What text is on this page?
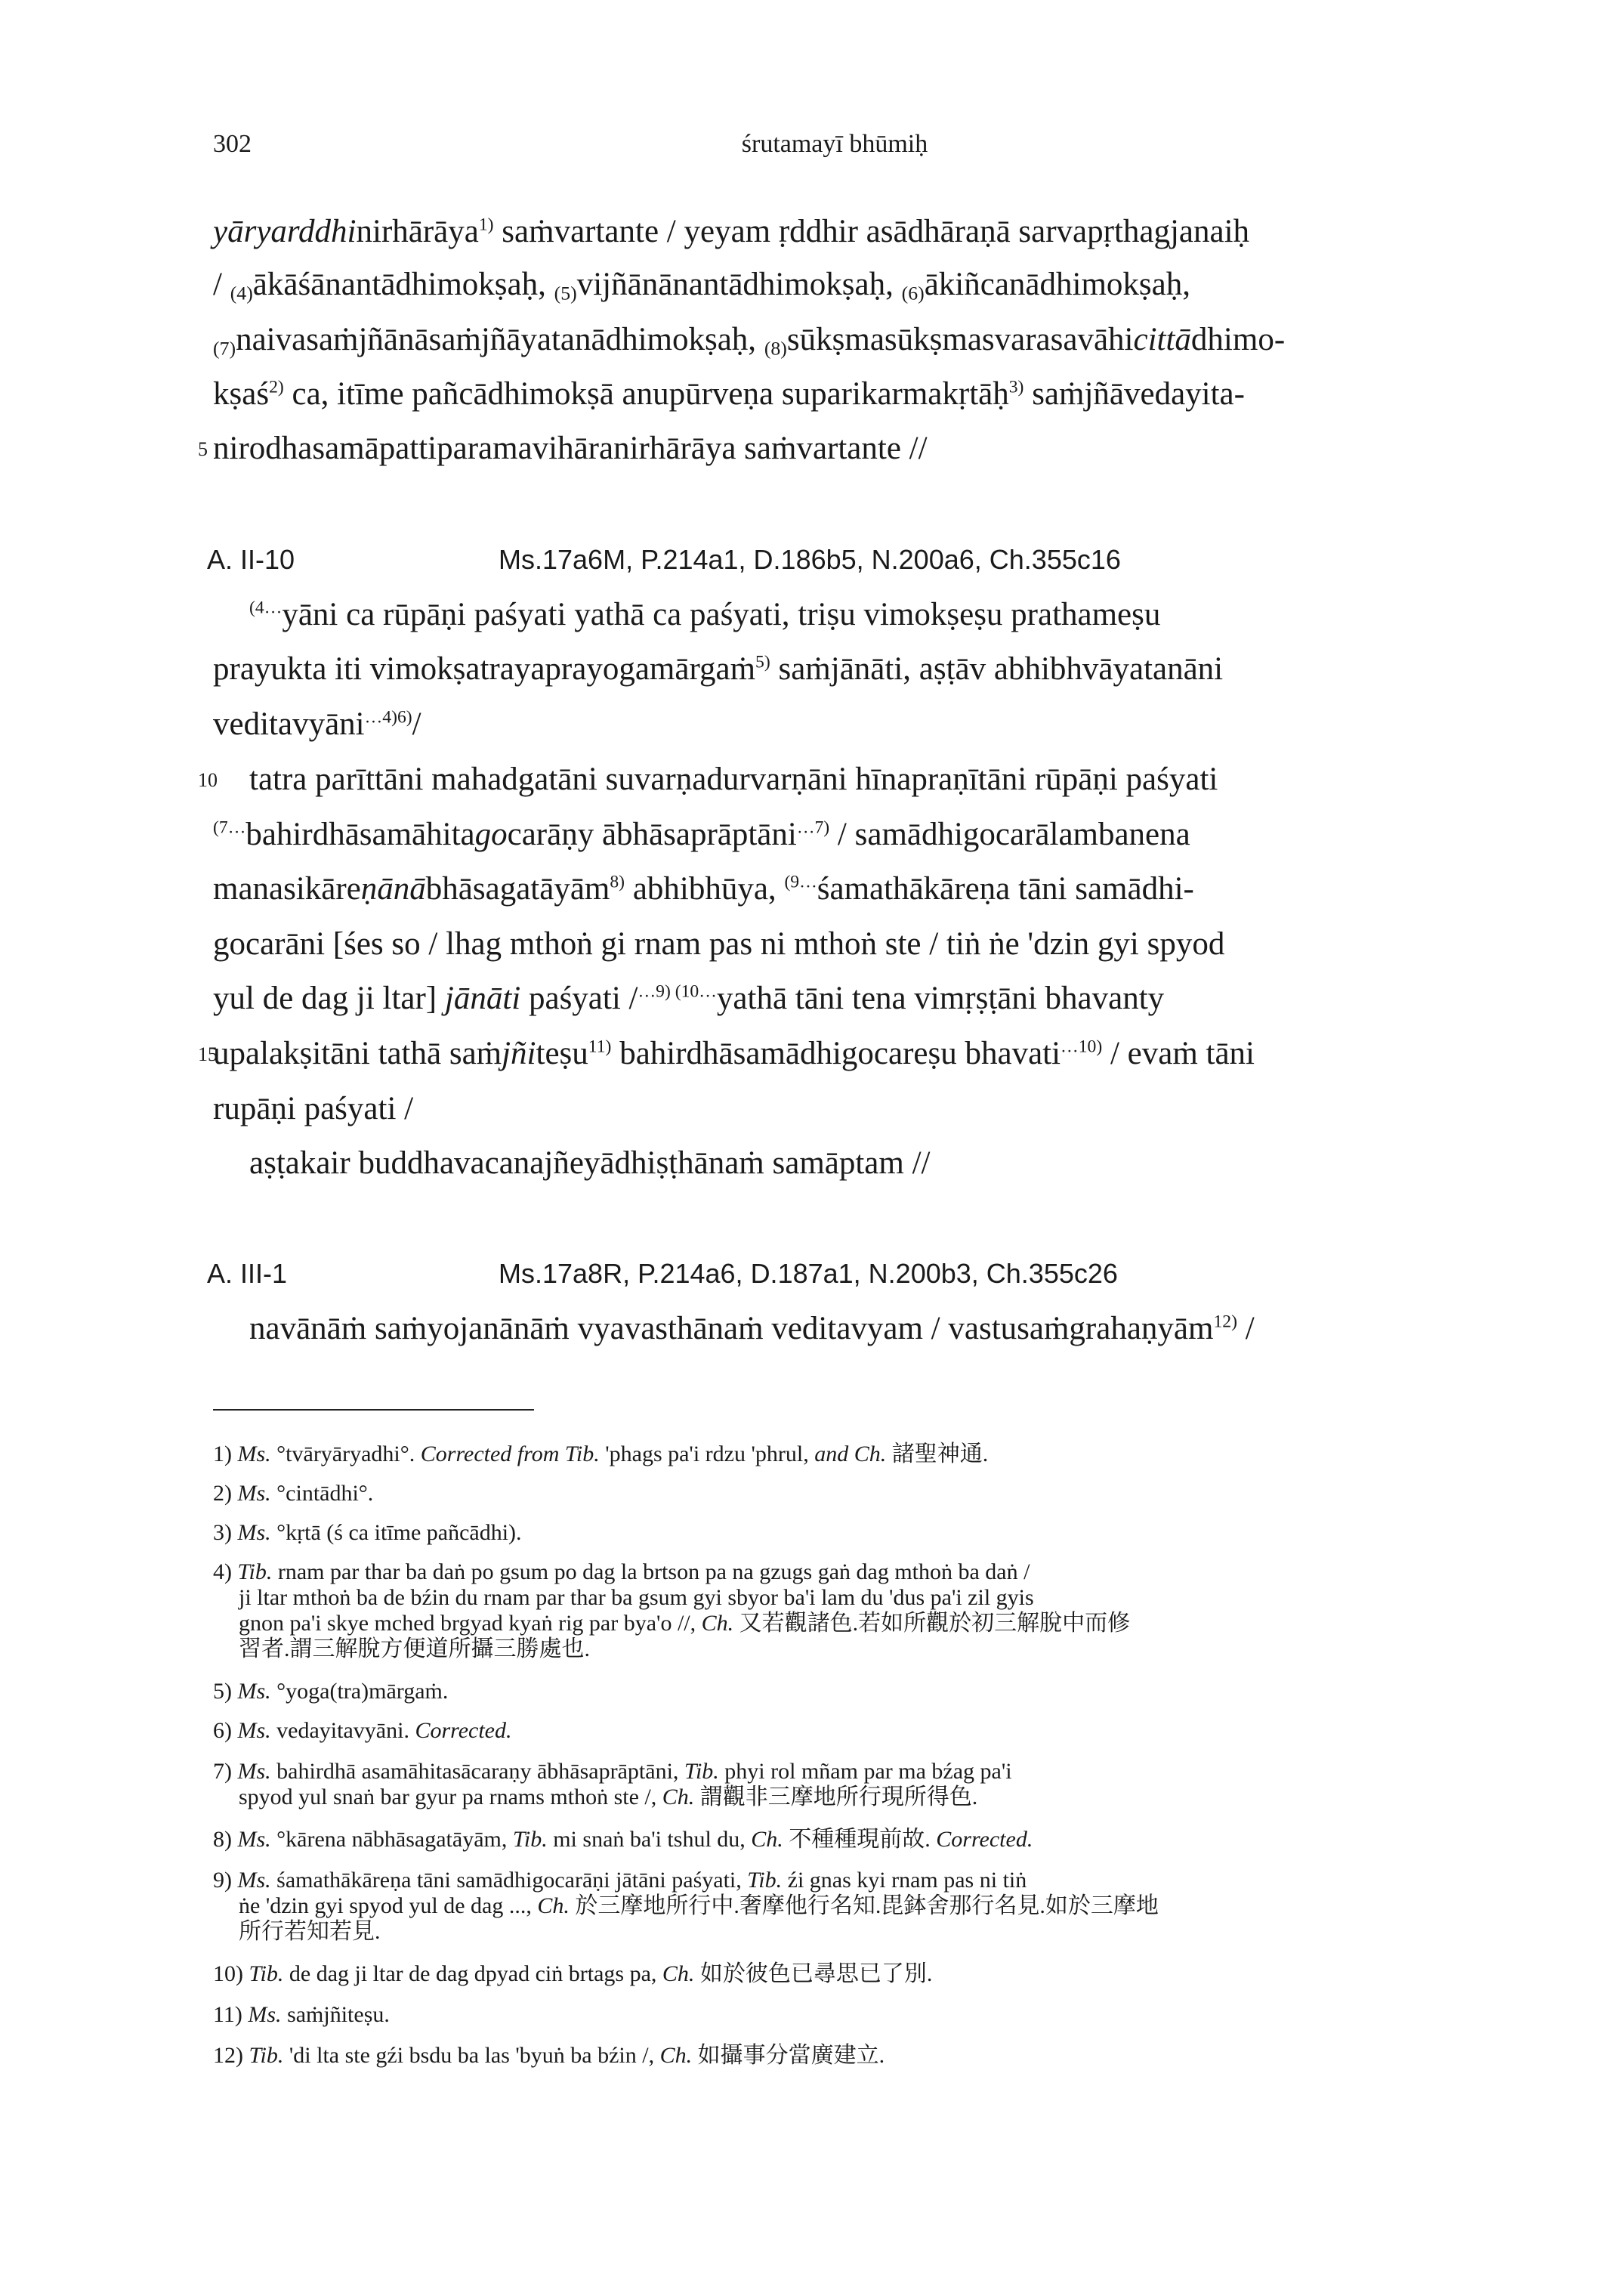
302	śrutamayī bhūmiḥ
yāryarddhinirhārāya$^{1)}$ saṁvartante / yeyam ṛddhir asādhāraṇā sarvapṛthagjanaiḥ
/ $_{(4)}$ākāśānantādhimokṣaḥ, $_{(5)}$vijñānānantādhimokṣaḥ, $_{(6)}$ākiñcanādhimokṣaḥ,
$_{(7)}$naivasaṁjñānāsaṁjñāyatanādhimokṣaḥ, $_{(8)}$sūkṣmasūkṣmasvarasavāhicittādhimo-
kṣaś$^{2)}$ ca, itīme pañcādhimokṣā anupūrveṇa suparikarmakṛtāḥ$^{3)}$ saṁjñāvedayita-
5 nirodhasamāpattiparamavihāranirhārāya saṁvartante //
A. II-10	Ms.17a6M, P.214a1, D.186b5, N.200a6, Ch.355c16
$^{(4\dots}$yāni ca rūpāṇi paśyati yathā ca paśyati, triṣu vimokṣeṣu prathameṣu
prayukta iti vimokṣatrayaprayogamārgaṁ$^{5)}$ saṁjānāti, aṣṭāv abhibhvāyatanāni
veditavyāni$^{\dots 4)6)}$/
10 tatra parīttāni mahadgatāni suvarṇadurvarṇāni hīnapraṇītāni rūpāṇi paśyati
$^{(7\dots}$bahirdhāsamāhitagocarāṇy ābhāsaprāptāni$^{\dots 7)}$ / samādhigocarālambanena
manasikāreṇānābhāsagatāyām$^{8)}$ abhibhūya, $^{(9\dots}$śamathākāreṇa tāni samādhi-
gocarāni [śes so / lhag mthoṅ gi rnam pas ni mthoṅ ste / tiṅ ṅe 'dzin gyi spyod
yul de dag ji ltar] jānāti paśyati /$^{\dots 9)}$ $^{(10\dots}$yathā tāni tena vimṛṣṭāni bhavanty
15
upalakṣitāni tathā saṁjñiteṣu$^{11)}$ bahirdhāsamādhigocareṣu bhavati$^{\dots 10)}$ / evaṁ tāni
rupāṇi paśyati /
aṣṭakair buddhavacanajñeyādhiṣṭhānaṁ samāptam //
A. III-1	Ms.17a8R, P.214a6, D.187a1, N.200b3, Ch.355c26
navānāṁ saṁyojanānāṁ vyavasthānaṁ veditavyam / vastusaṁgrahaṇyām$^{12)}$ /
1) Ms. °tvāryāryadhi°. Corrected from Tib. 'phags pa'i rdzu 'phrul, and Ch. 諸聖神通.
2) Ms. °cintādhi°.
3) Ms. °kṛtā (ś ca itīme pañcādhi).
4) Tib. rnam par thar ba daṅ po gsum po dag la brtson pa na gzugs gaṅ dag mthoṅ ba daṅ /
ji ltar mthoṅ ba de bźin du rnam par thar ba gsum gyi sbyor ba'i lam du 'dus pa'i zil gyis
gnon pa'i skye mched brgyad kyaṅ rig par bya'o //, Ch. 又若觀諸色.若如所觀於初三解脫中而修
習者.謂三解脫方便道所攝三勝處也.
5) Ms. °yoga(tra)mārgaṁ.
6) Ms. vedayitavyāni. Corrected.
7) Ms. bahirdhā asamāhitasācaraṇy ābhāsaprāptāni, Tib. phyi rol mñam par ma bźag pa'i
spyod yul snaṅ bar gyur pa rnams mthoṅ ste /, Ch. 謂觀非三摩地所行現所得色.
8) Ms. °kārena nābhāsagatāyām, Tib. mi snaṅ ba'i tshul du, Ch. 不種種現前故. Corrected.
9) Ms. śamathākāreṇa tāni samādhigocarāṇi jātāni paśyati, Tib. źi gnas kyi rnam pas ni tiṅ
ṅe 'dzin gyi spyod yul de dag ..., Ch. 於三摩地所行中.奢摩他行名知.毘鉢舍那行名見.如於三摩地
所行若知若見.
10) Tib. de dag ji ltar de dag dpyad ciṅ brtags pa, Ch. 如於彼色已尋思已了別.
11) Ms. saṁjñiteṣu.
12) Tib. 'di lta ste gźi bsdu ba las 'byuṅ ba bźin /, Ch. 如攝事分當廣建立.
